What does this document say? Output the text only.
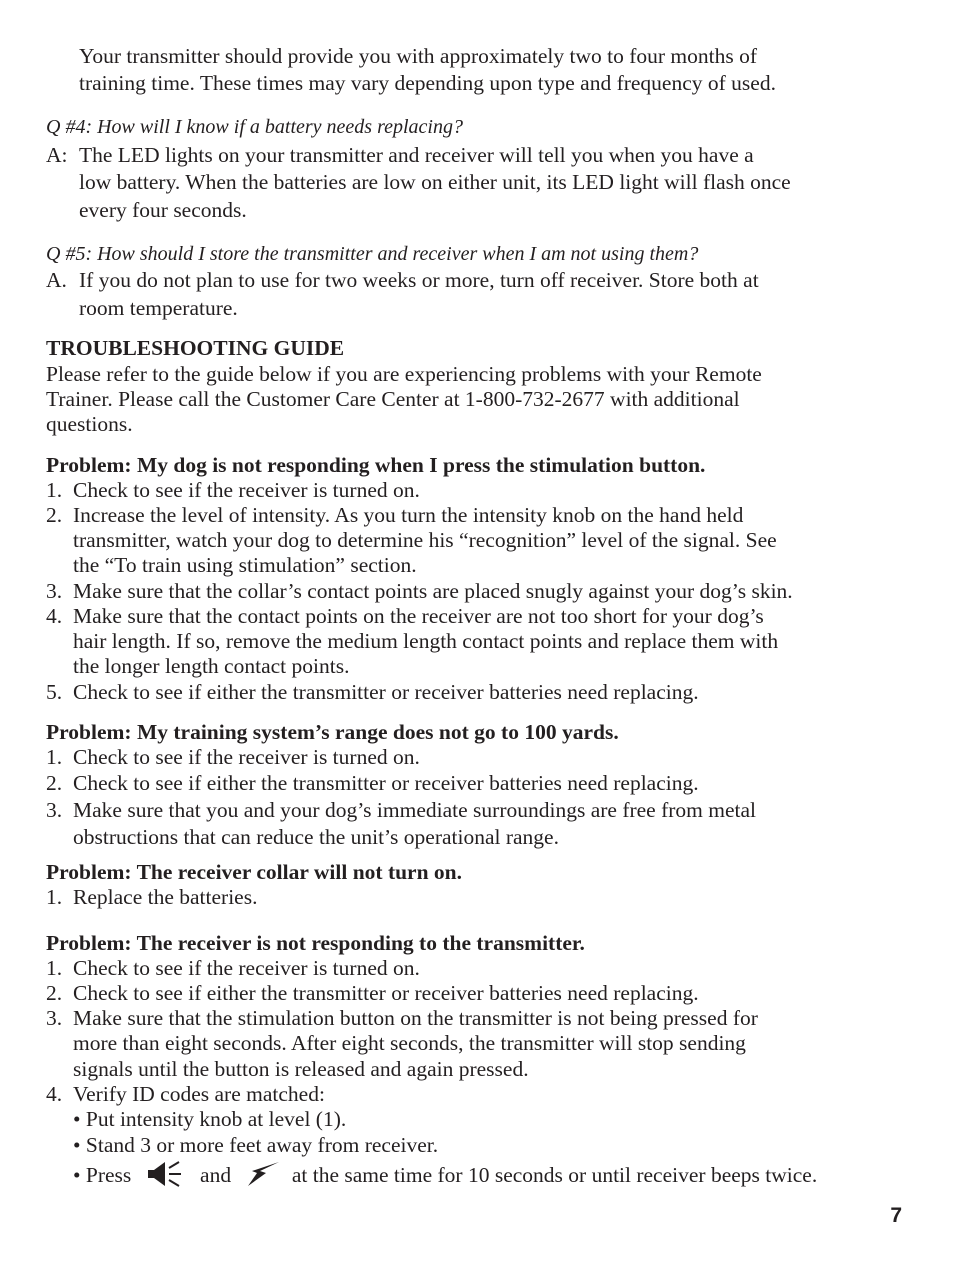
Your transmitter should provide you with approximately two to four months of
training time. These times may vary depending upon type and frequency of used.
Q #4: How will I know if a battery needs replacing?
A: The LED lights on your transmitter and receiver will tell you when you have a
low battery. When the batteries are low on either unit, its LED light will flash once
every four seconds.
Q #5: How should I store the transmitter and receiver when I am not using them?
A. If you do not plan to use for two weeks or more, turn off receiver. Store both at
room temperature.
TROUBLESHOOTING GUIDE
Please refer to the guide below if you are experiencing problems with your Remote
Trainer. Please call the Customer Care Center at 1-800-732-2677 with additional
questions.
Problem: My dog is not responding when I press the stimulation button.
1. Check to see if the receiver is turned on.
2. Increase the level of intensity. As you turn the intensity knob on the hand held
transmitter, watch your dog to determine his “recognition” level of the signal. See
the “To train using stimulation” section.
3. Make sure that the collar’s contact points are placed snugly against your dog’s skin.
4. Make sure that the contact points on the receiver are not too short for your dog’s
hair length. If so, remove the medium length contact points and replace them with
the longer length contact points.
5. Check to see if either the transmitter or receiver batteries need replacing.
Problem: My training system’s range does not go to 100 yards.
1. Check to see if the receiver is turned on.
2. Check to see if either the transmitter or receiver batteries need replacing.
3. Make sure that you and your dog’s immediate surroundings are free from metal
obstructions that can reduce the unit’s operational range.
Problem: The receiver collar will not turn on.
1. Replace the batteries.
Problem: The receiver is not responding to the transmitter.
1. Check to see if the receiver is turned on.
2. Check to see if either the transmitter or receiver batteries need replacing.
3. Make sure that the stimulation button on the transmitter is not being pressed for
more than eight seconds. After eight seconds, the transmitter will stop sending
signals until the button is released and again pressed.
4. Verify ID codes are matched:
• Put intensity knob at level (1).
• Stand 3 or more feet away from receiver.
• Press	and	at the same time for 10 seconds or until receiver beeps twice.
7
